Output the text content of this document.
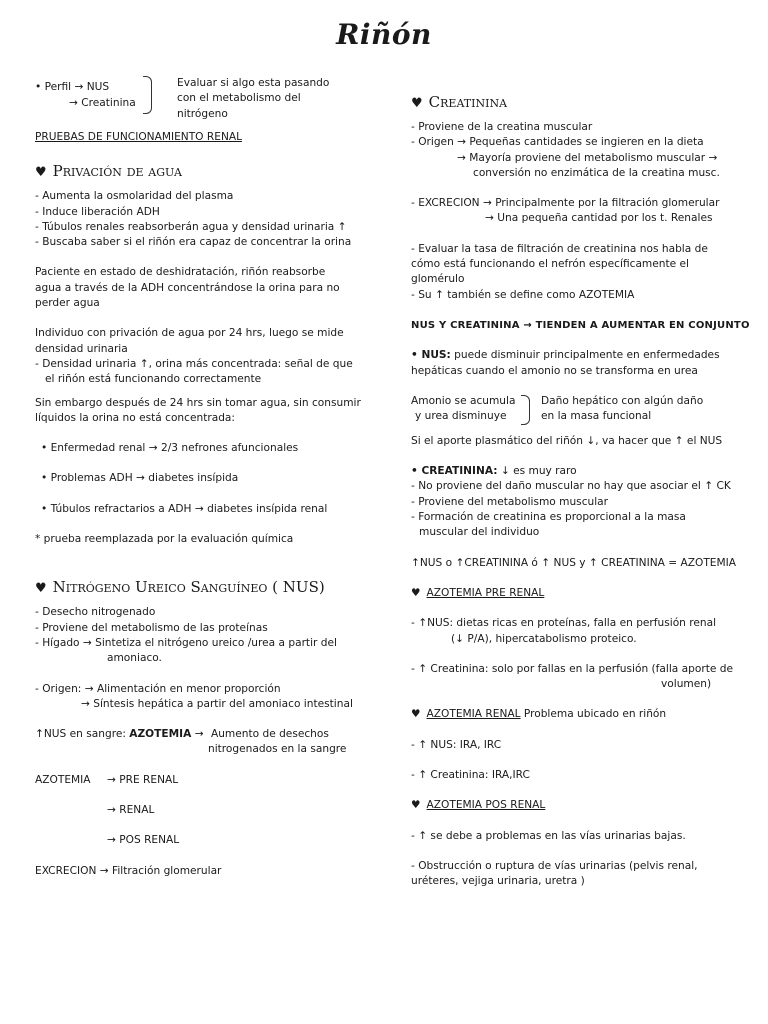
Riñón
• Perfil → NUS
→ Creatinina
Evaluar si algo esta pasando con el metabolismo del nitrógeno
PRUEBAS DE FUNCIONAMIENTO RENAL
♥ Privación de agua
- Aumenta la osmolaridad del plasma
- Induce liberación ADH
- Túbulos renales reabsorberán agua y densidad urinaria ↑
- Buscaba saber si el riñón era capaz de concentrar la orina
Paciente en estado de deshidratación, riñón reabsorbe
agua a través de la ADH concentrándose la orina para no
perder agua
Individuo con privación de agua por 24 hrs, luego se mide
densidad urinaria
- Densidad urinaria ↑, orina más concentrada: señal de que
el riñón está funcionando correctamente
Sin embargo después de 24 hrs sin tomar agua, sin consumir
líquidos la orina no está concentrada:
• Enfermedad renal → 2/3 nefrones afuncionales
• Problemas ADH → diabetes insípida
• Túbulos refractarios a ADH → diabetes insípida renal
* prueba reemplazada por la evaluación química
♥ Nitrógeno Ureico Sanguíneo ( NUS)
- Desecho nitrogenado
- Proviene del metabolismo de las proteínas
- Hígado → Sintetiza el nitrógeno ureico /urea a partir del
amoniaco.
- Origen: → Alimentación en menor proporción
→ Síntesis hepática a partir del amoniaco intestinal
↑NUS en sangre: AZOTEMIA → Aumento de desechos
nitrogenados en la sangre
AZOTEMIA → PRE RENAL
→ RENAL
→ POS RENAL
EXCRECION → Filtración glomerular
♥ Creatinina
- Proviene de la creatina muscular
- Origen → Pequeñas cantidades se ingieren en la dieta
→ Mayoría proviene del metabolismo muscular →
conversión no enzimática de la creatina musc.
- EXCRECION → Principalmente por la filtración glomerular
→ Una pequeña cantidad por los t. Renales
- Evaluar la tasa de filtración de creatinina nos habla de
cómo está funcionando el nefrón específicamente el
glomérulo
- Su ↑ también se define como AZOTEMIA
NUS Y CREATININA → TIENDEN A AUMENTAR EN CONJUNTO
• NUS: puede disminuir principalmente en enfermedades
hepáticas cuando el amonio no se transforma en urea
Amonio se acumula
y urea disminuye
Daño hepático con algún daño
en la masa funcional
Si el aporte plasmático del riñón ↓, va hacer que ↑ el NUS
• CREATININA: ↓ es muy raro
- No proviene del daño muscular no hay que asociar el ↑ CK
- Proviene del metabolismo muscular
- Formación de creatinina es proporcional a la masa
muscular del individuo
↑NUS o ↑CREATININA ó ↑ NUS y ↑ CREATININA = AZOTEMIA
♥ AZOTEMIA PRE RENAL
- ↑NUS: dietas ricas en proteínas, falla en perfusión renal
(↓ P/A), hipercatabolismo proteico.
- ↑ Creatinina: solo por fallas en la perfusión (falla aporte de
volumen)
♥ AZOTEMIA RENAL Problema ubicado en riñón
- ↑ NUS: IRA, IRC
- ↑ Creatinina: IRA,IRC
♥ AZOTEMIA POS RENAL
- ↑ se debe a problemas en las vías urinarias bajas.
- Obstrucción o ruptura de vías urinarias (pelvis renal,
uréteres, vejiga urinaria, uretra )
